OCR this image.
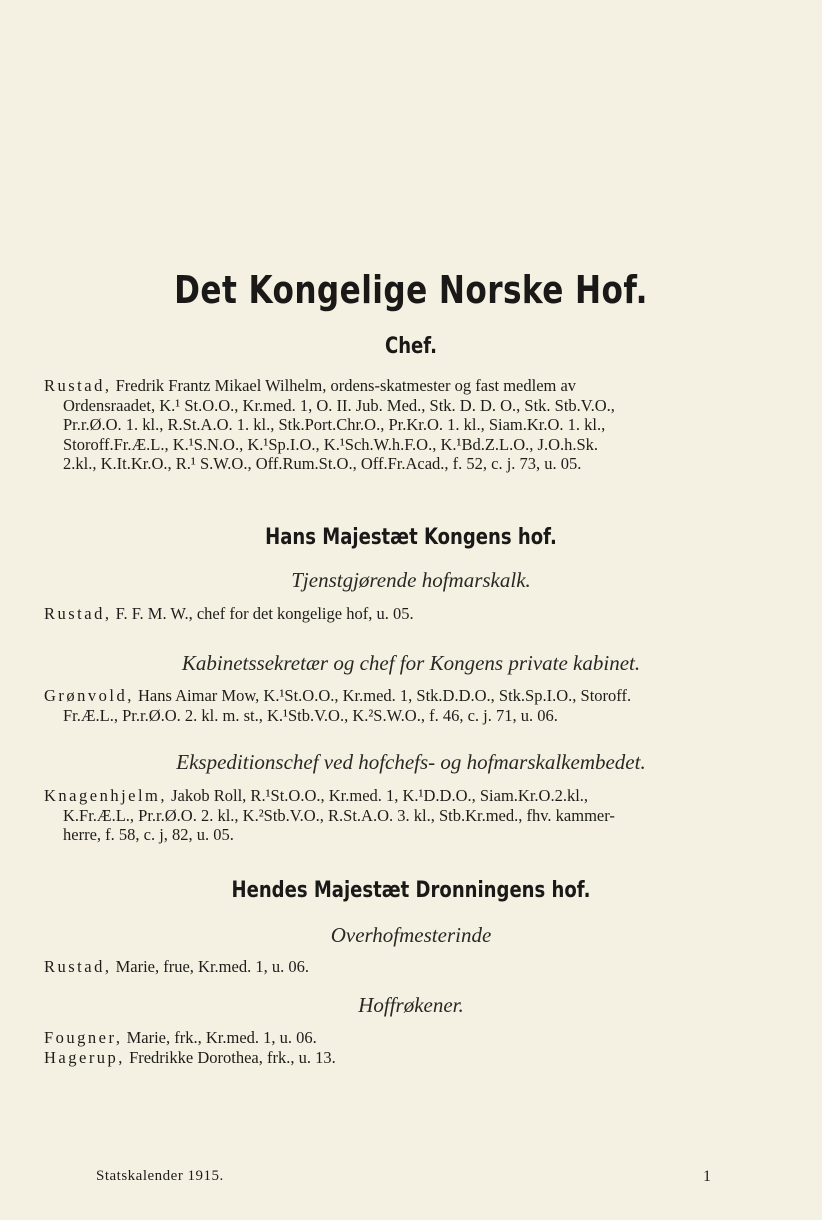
Det Kongelige Norske Hof.
Chef.
Rustad, Fredrik Frantz Mikael Wilhelm, ordens-skatmester og fast medlem av
Ordensraadet, K.¹ St.O.O., Kr.med. 1, O. II. Jub. Med., Stk. D. D. O., Stk. Stb.V.O.,
Pr.r.Ø.O. 1. kl., R.St.A.O. 1. kl., Stk.Port.Chr.O., Pr.Kr.O. 1. kl., Siam.Kr.O. 1. kl.,
Storoff.Fr.Æ.L., K.¹S.N.O., K.¹Sp.I.O., K.¹Sch.W.h.F.O., K.¹Bd.Z.L.O., J.O.h.Sk.
2.kl., K.It.Kr.O., R.¹ S.W.O., Off.Rum.St.O., Off.Fr.Acad., f. 52, c. j. 73, u. 05.
Hans Majestæt Kongens hof.
Tjenstgjørende hofmarskalk.
Rustad, F. F. M. W., chef for det kongelige hof, u. 05.
Kabinetssekretær og chef for Kongens private kabinet.
Grønvold, Hans Aimar Mow, K.¹St.O.O., Kr.med. 1, Stk.D.D.O., Stk.Sp.I.O., Storoff.
Fr.Æ.L., Pr.r.Ø.O. 2. kl. m. st., K.¹Stb.V.O., K.²S.W.O., f. 46, c. j. 71, u. 06.
Ekspeditionschef ved hofchefs- og hofmarskalkembedet.
Knagenhjelm, Jakob Roll, R.¹St.O.O., Kr.med. 1, K.¹D.D.O., Siam.Kr.O.2.kl.,
K.Fr.Æ.L., Pr.r.Ø.O. 2. kl., K.²Stb.V.O., R.St.A.O. 3. kl., Stb.Kr.med., fhv. kammer-
herre, f. 58, c. j, 82, u. 05.
Hendes Majestæt Dronningens hof.
Overhofmesterinde
Rustad, Marie, frue, Kr.med. 1, u. 06.
Hoffrøkener.
Fougner, Marie, frk., Kr.med. 1, u. 06.
Hagerup, Fredrikke Dorothea, frk., u. 13.
Statskalender 1915.	1
